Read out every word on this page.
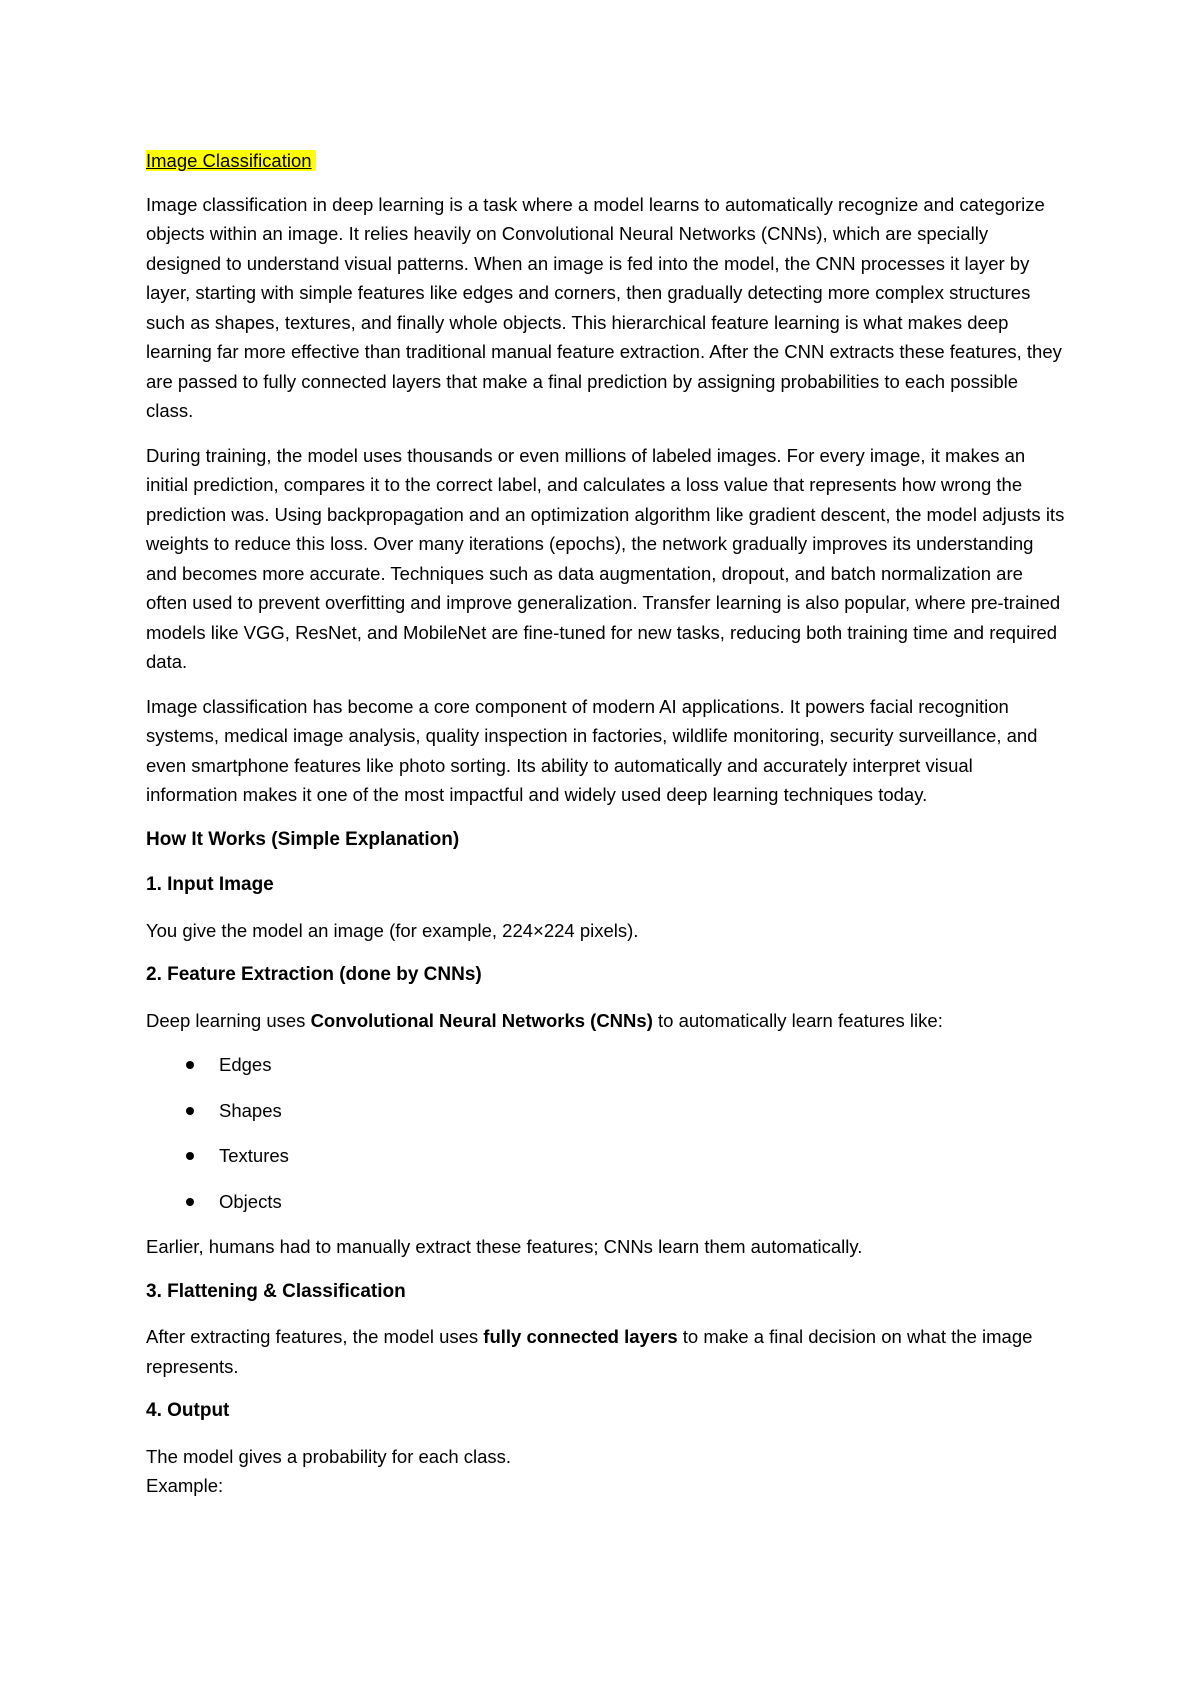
Image Classification

Image classification in deep learning is a task where a model learns to automatically recognize and categorize objects within an image. It relies heavily on Convolutional Neural Networks (CNNs), which are specially designed to understand visual patterns. When an image is fed into the model, the CNN processes it layer by layer, starting with simple features like edges and corners, then gradually detecting more complex structures such as shapes, textures, and finally whole objects. This hierarchical feature learning is what makes deep learning far more effective than traditional manual feature extraction. After the CNN extracts these features, they are passed to fully connected layers that make a final prediction by assigning probabilities to each possible class.

During training, the model uses thousands or even millions of labeled images. For every image, it makes an initial prediction, compares it to the correct label, and calculates a loss value that represents how wrong the prediction was. Using backpropagation and an optimization algorithm like gradient descent, the model adjusts its weights to reduce this loss. Over many iterations (epochs), the network gradually improves its understanding and becomes more accurate. Techniques such as data augmentation, dropout, and batch normalization are often used to prevent overfitting and improve generalization. Transfer learning is also popular, where pre-trained models like VGG, ResNet, and MobileNet are fine-tuned for new tasks, reducing both training time and required data.

Image classification has become a core component of modern AI applications. It powers facial recognition systems, medical image analysis, quality inspection in factories, wildlife monitoring, security surveillance, and even smartphone features like photo sorting. Its ability to automatically and accurately interpret visual information makes it one of the most impactful and widely used deep learning techniques today.

How It Works (Simple Explanation)
1. Input Image

You give the model an image (for example, 224×224 pixels).

2. Feature Extraction (done by CNNs)

Deep learning uses Convolutional Neural Networks (CNNs) to automatically learn features like:

Edges
Shapes
Textures
Objects

Earlier, humans had to manually extract these features; CNNs learn them automatically.

3. Flattening & Classification

After extracting features, the model uses fully connected layers to make a final decision on what the image represents.

4. Output

The model gives a probability for each class.

Example:
